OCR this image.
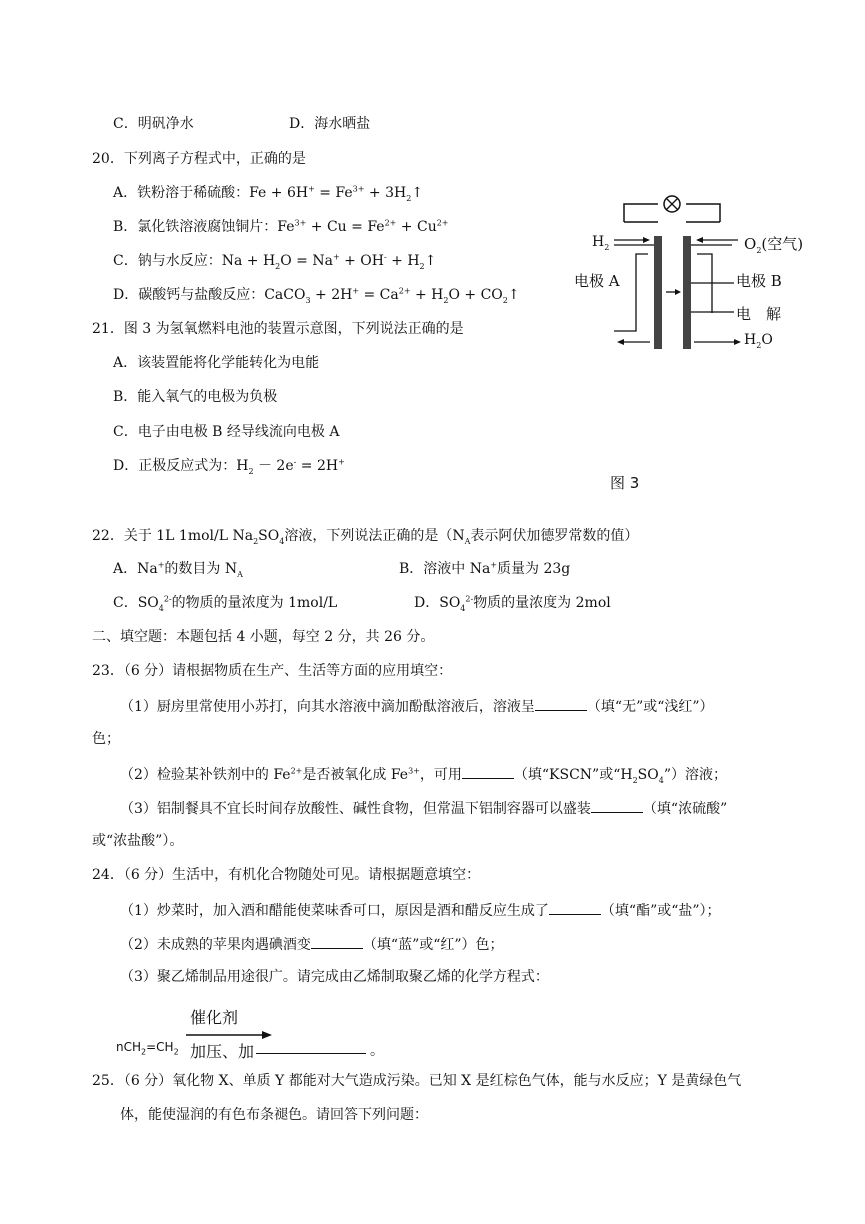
C．明矾净水	D．海水晒盐
20．下列离子方程式中，正确的是
A．铁粉溶于稀硫酸：$Fe + 6H^+ = Fe^{3+}$ + $3H_2↑$
B．氯化铁溶液腐蚀铜片：$Fe^{3+} + Cu = Fe^{2+} + Cu^{2+}$
C．钠与水反应：$Na + H_2O = Na^+ + OH^-$ + $H_2↑$
D．碳酸钙与盐酸反应：CaCO$_3$ + $2H^+ = Ca^{2+} + H_2O$ + $CO_2↑$
21．图 3 为氢氧燃料电池的装置示意图，下列说法正确的是
A．该装置能将化学能转化为电能
B．能入氧气的电极为负极
C．电子由电极 B 经导线流向电极 A
D．正极反应式为：$H_2 - 2e^- = 2H^+$
$H_2$	$O_2$(空气)
电极 A	电极 B
电　解
$H_2O$
图 3
22．关于 1L 1mol/L $Na_2SO_4$溶液，下列说法正确的是（$N_A$表示阿伏加德罗常数的值）
A．Na+的数目为 $N_A$	B．溶液中 Na+质量为 23g
C．$SO_4^{2-}$的物质的量浓度为 1mol/L	D．$SO_4^{2-}$物质的量浓度为 2mol
二、填空题：本题包括 4 小题，每空 2 分，共 26 分。
23．（6 分）请根据物质在生产、生活等方面的应用填空：
（1）厨房里常使用小苏打，向其水溶液中滴加酚酞溶液后，溶液呈	（填“无”或“浅红”）
色；
（2）检验某补铁剂中的 $Fe^{2+}$是否被氧化成 $Fe^{3+}$，可用	（填“KSCN”或“$H_2SO_4$”）溶液；
（3）铝制餐具不宜长时间存放酸性、碱性食物，但常温下铝制容器可以盛装	（填“浓硫酸”
或“浓盐酸”）。
24．（6 分）生活中，有机化合物随处可见。请根据题意填空：
（1）炒菜时，加入酒和醋能使菜味香可口，原因是酒和醋反应生成了	（填“酯”或“盐”）；
（2）未成熟的苹果肉遇碘酒变	（填“蓝”或“红”）色；
（3）聚乙烯制品用途很广。请完成由乙烯制取聚乙烯的化学方程式：
催化剂
$nCH_2=CH_2$ 加压、加	。
25．（6 分）氧化物 X、单质 Y 都能对大气造成污染。已知 X 是红棕色气体，能与水反应；Y 是黄绿色气
体，能使湿润的有色布条褪色。请回答下列问题：
